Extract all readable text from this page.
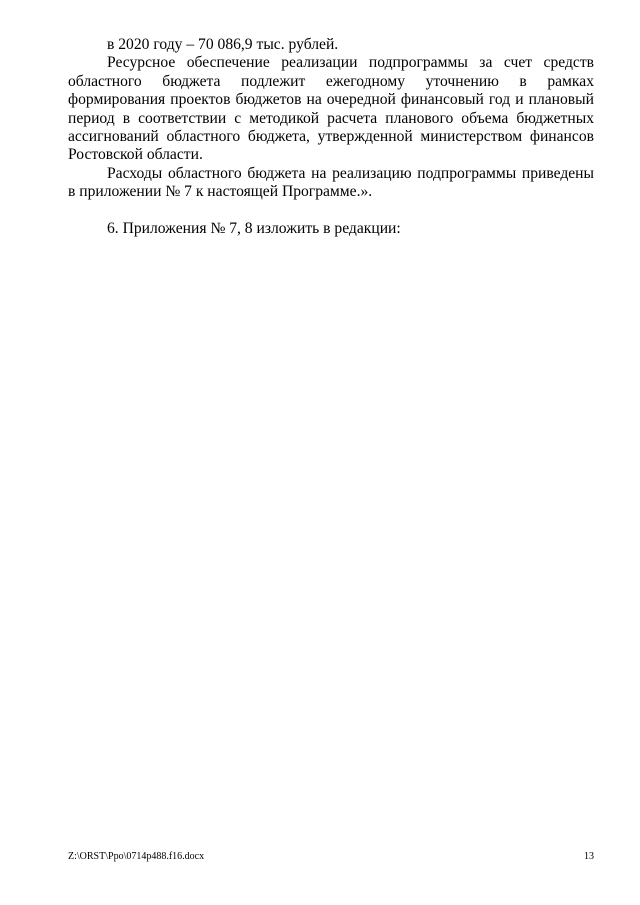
в 2020 году – 70 086,9 тыс. рублей.

Ресурсное обеспечение реализации подпрограммы за счет средств областного бюджета подлежит ежегодному уточнению в рамках формирования проектов бюджетов на очередной финансовый год и плановый период в соответствии с методикой расчета планового объема бюджетных ассигнований областного бюджета, утвержденной министерством финансов Ростовской области.

Расходы областного бюджета на реализацию подпрограммы приведены в приложении № 7 к настоящей Программе.».

6. Приложения № 7, 8 изложить в редакции:

Z:\ORST\Ppo\0714p488.f16.docx	13
